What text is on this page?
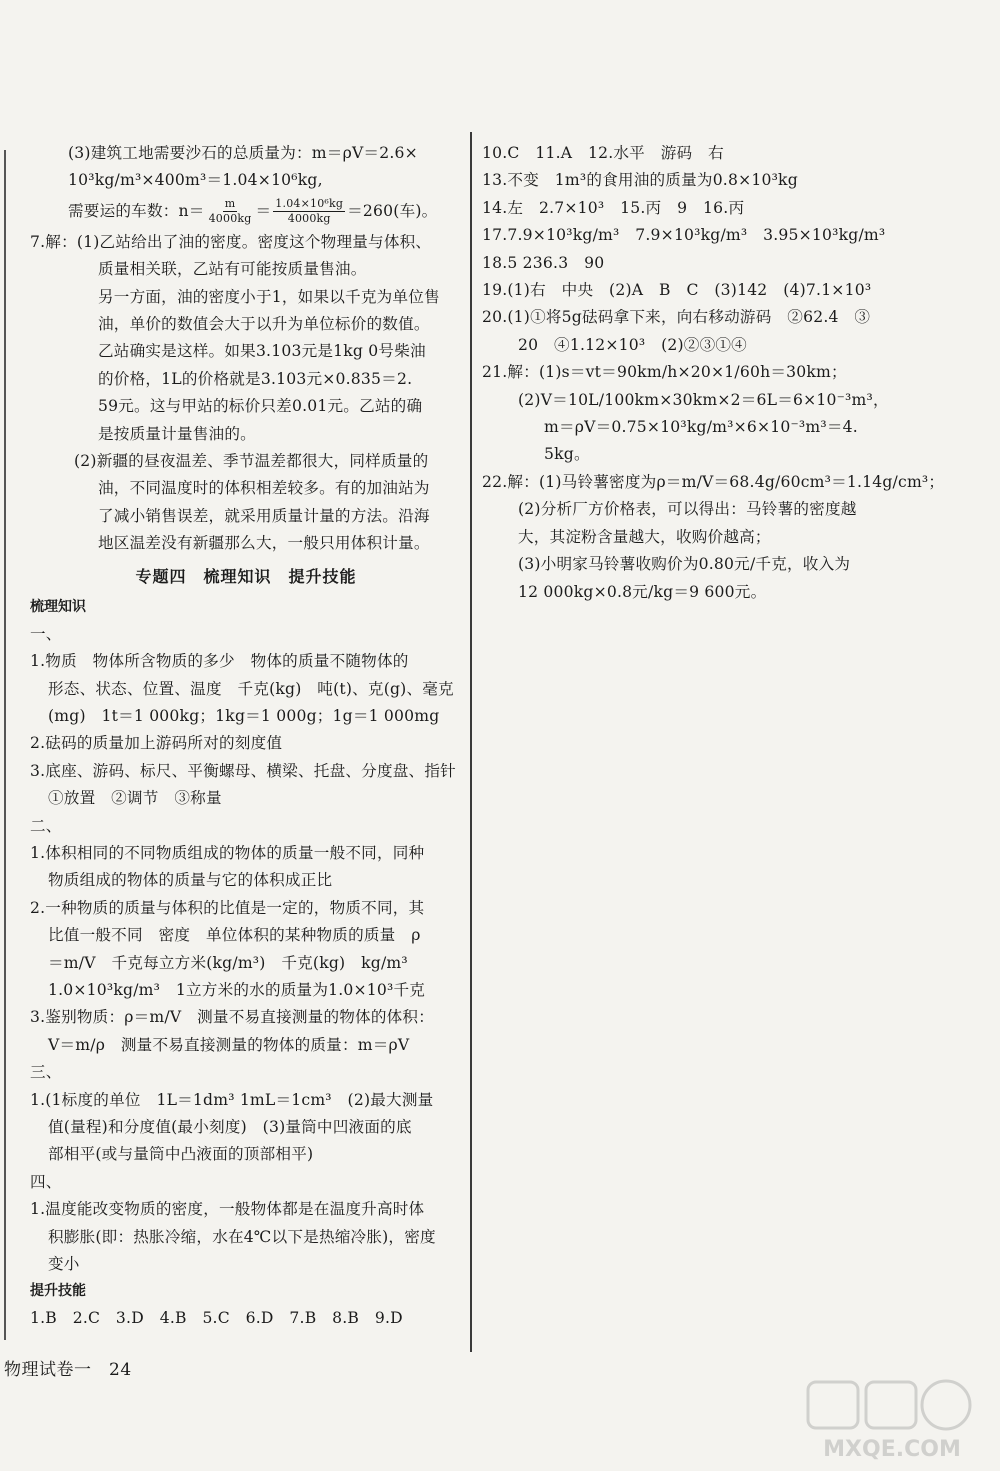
(3)建筑工地需要沙石的总质量为：m＝ρV＝2.6×
10³kg/m³×400m³＝1.04×10⁶kg,
需要运的车数：$n= \frac{m}{4000kg} = \frac{\text{1.04×10⁶kg}}{4000kg} =260$(车)。
7.解：(1)乙站给出了油的密度。密度这个物理量与体积、
质量相关联，乙站有可能按质量售油。
另一方面，油的密度小于1，如果以千克为单位售
油，单价的数值会大于以升为单位标价的数值。
乙站确实是这样。如果3.103元是1kg 0号柴油
的价格，1L的价格就是3.103元×0.835＝2.
59元。这与甲站的标价只差0.01元。乙站的确
是按质量计量售油的。
(2)新疆的昼夜温差、季节温差都很大，同样质量的
油，不同温度时的体积相差较多。有的加油站为
了减小销售误差，就采用质量计量的方法。沿海
地区温差没有新疆那么大，一般只用体积计量。
专题四　梳理知识　提升技能
梳理知识
一、
1.物质　物体所含物质的多少　物体的质量不随物体的
形态、状态、位置、温度　千克(kg)　吨(t)、克(g)、毫克
(mg)　1t＝1 000kg；1kg＝1 000g；1g＝1 000mg
2.砝码的质量加上游码所对的刻度值
3.底座、游码、标尺、平衡螺母、横梁、托盘、分度盘、指针
①放置　②调节　③称量
二、
1.体积相同的不同物质组成的物体的质量一般不同，同种
物质组成的物体的质量与它的体积成正比
2.一种物质的质量与体积的比值是一定的，物质不同，其
比值一般不同　密度　单位体积的某种物质的质量　ρ
＝m/V　千克每立方米(kg/m³)　千克(kg)　kg/m³
1.0×10³kg/m³　1立方米的水的质量为1.0×10³千克
3.鉴别物质：ρ＝m/V　测量不易直接测量的物体的体积：
V＝m/ρ　测量不易直接测量的物体的质量：m＝ρV
三、
1.(1标度的单位　1L＝1dm³ 1mL＝1cm³　(2)最大测量
值(量程)和分度值(最小刻度)　(3)量筒中凹液面的底
部相平(或与量筒中凸液面的顶部相平)
四、
1.温度能改变物质的密度，一般物体都是在温度升高时体
积膨胀(即：热胀冷缩，水在4℃以下是热缩冷胀)，密度
变小
提升技能
1.B　2.C　3.D　4.B　5.C　6.D　7.B　8.B　9.D
10.C　11.A　12.水平　游码　右
13.不变　1m³的食用油的质量为0.8×10³kg
14.左　2.7×10³　15.丙　9　16.丙
17.7.9×10³kg/m³　7.9×10³kg/m³　3.95×10³kg/m³
18.5 236.3　90
19.(1)右　中央　(2)A　B　C　(3)142　(4)7.1×10³
20.(1)①将5g砝码拿下来，向右移动游码　②62.4　③
20　④1.12×10³　(2)②③①④
21.解：(1)s＝vt＝90km/h×20×1/60h＝30km；
(2)V＝10L/100km×30km×2＝6L＝6×10⁻³m³，
m＝ρV＝0.75×10³kg/m³×6×10⁻³m³＝4.
5kg。
22.解：(1)马铃薯密度为ρ＝m/V＝68.4g/60cm³＝1.14g/cm³；
(2)分析厂方价格表，可以得出：马铃薯的密度越
大，其淀粉含量越大，收购价越高；
(3)小明家马铃薯收购价为0.80元/千克，收入为
12 000kg×0.8元/kg＝9 600元。
物理试卷一　24
MXQE.COM
